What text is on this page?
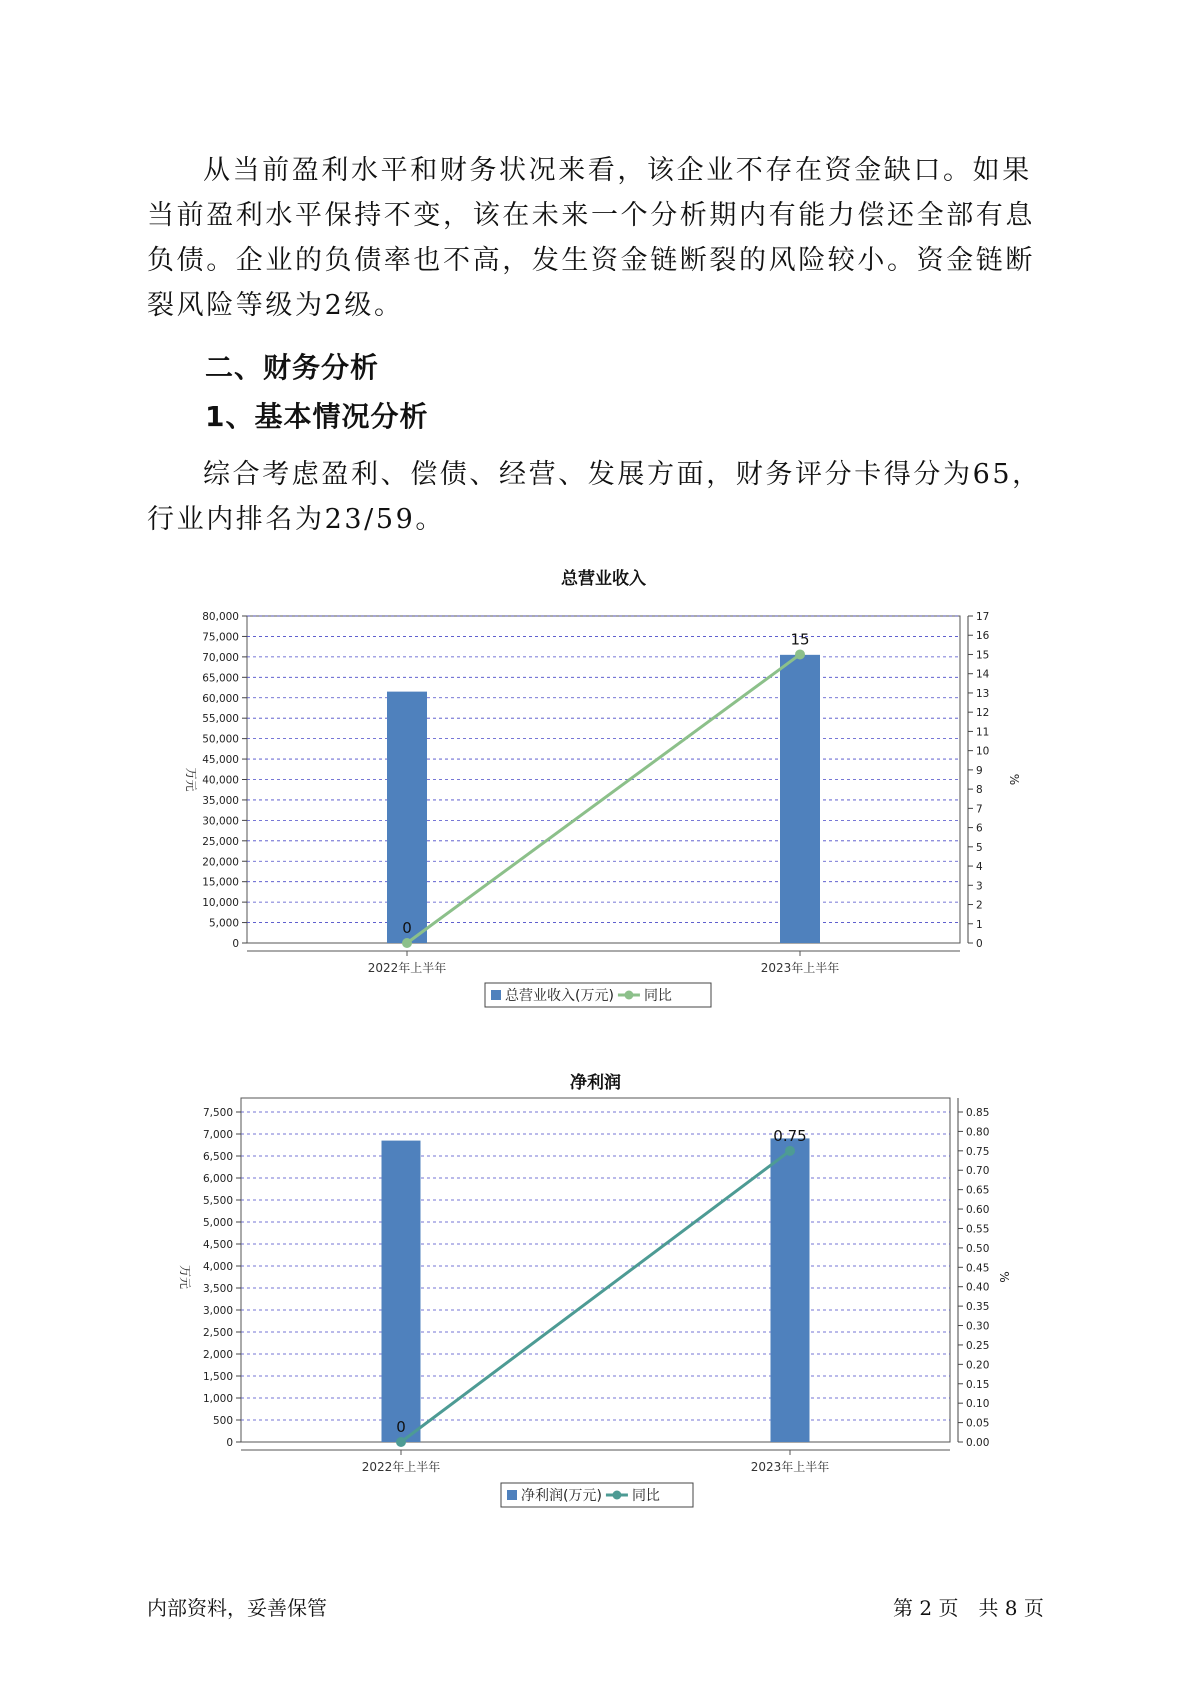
从当前盈利水平和财务状况来看，该企业不存在资金缺口。如果当前盈利水平保持不变，该在未来一个分析期内有能力偿还全部有息负债。企业的负债率也不高，发生资金链断裂的风险较小。资金链断裂风险等级为2级。

二、财务分析
1、基本情况分析

综合考虑盈利、偿债、经营、发展方面，财务评分卡得分为65，行业内排名为23/59。

总营业收入
0
5,000
10,000
15,000
20,000
25,000
30,000
35,000
40,000
45,000
50,000
55,000
60,000
65,000
70,000
75,000
80,000
0
1
2
3
4
5
6
7
8
9
10
11
12
13
14
15
16
17
万元	%
2022年上半年	2023年上半年
0
15
总营业收入(万元) 同比
净利润
0
500
1,000
1,500
2,000
2,500
3,000
3,500
4,000
4,500
5,000
5,500
6,000
6,500
7,000
7,500
0.00
0.05
0.10
0.15
0.20
0.25
0.30
0.35
0.40
0.45
0.50
0.55
0.60
0.65
0.70
0.75
0.80
0.85
万元	%
2022年上半年	2023年上半年
0
0.75
净利润(万元) 同比
内部资料，妥善保管	第 2 页　共 8 页
